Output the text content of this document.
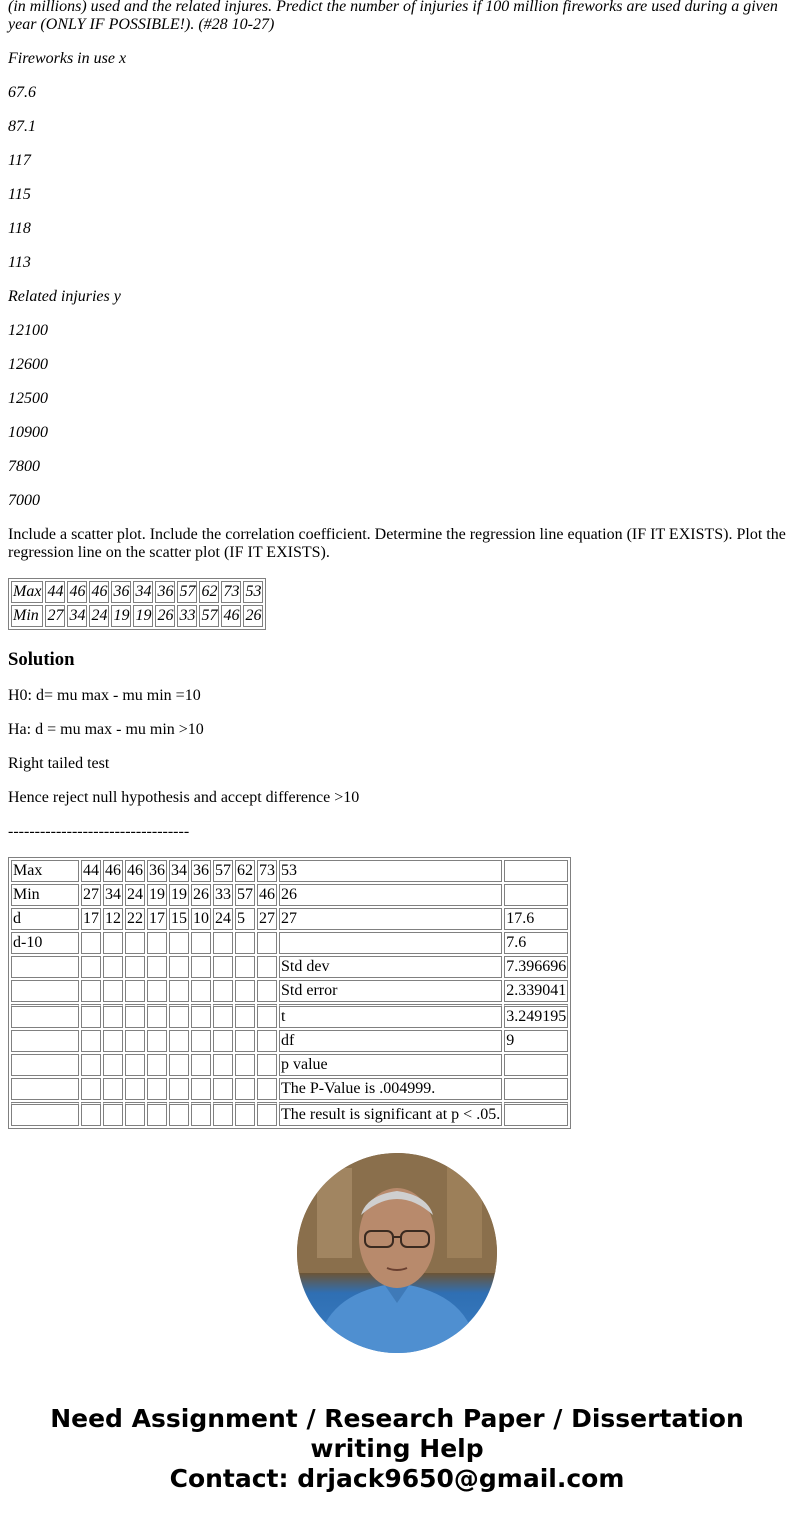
(in millions) used and the related injures. Predict the number of injuries if 100 million fireworks are used during a given year (ONLY IF POSSIBLE!). (#28 10-27)

Fireworks in use x

67.6

87.1

117

115

118

113

Related injuries y

12100

12600

12500

10900

7800

7000

Include a scatter plot. Include the correlation coefficient. Determine the regression line equation (IF IT EXISTS). Plot the regression line on the scatter plot (IF IT EXISTS).

Max	44	46	46	36	34	36	57	62	73	53
Min	27	34	24	19	19	26	33	57	46	26
Solution

H0: d= mu max - mu min =10

Ha: d = mu max - mu min >10

Right tailed test

Hence reject null hypothesis and accept difference >10

----------------------------------

Max	44	46	46	36	34	36	57	62	73	53	
Min	27	34	24	19	19	26	33	57	46	26	
d	17	12	22	17	15	10	24	5	27	27	17.6
d-10											7.6
										Std dev	7.396696
										Std error	2.339041
										t	3.249195
										df	9
										p value	
										The P-Value is .004999.	
										The result is significant at p < .05.	
Need Assignment / Research Paper / Dissertation
writing Help
Contact: drjack9650@gmail.com
